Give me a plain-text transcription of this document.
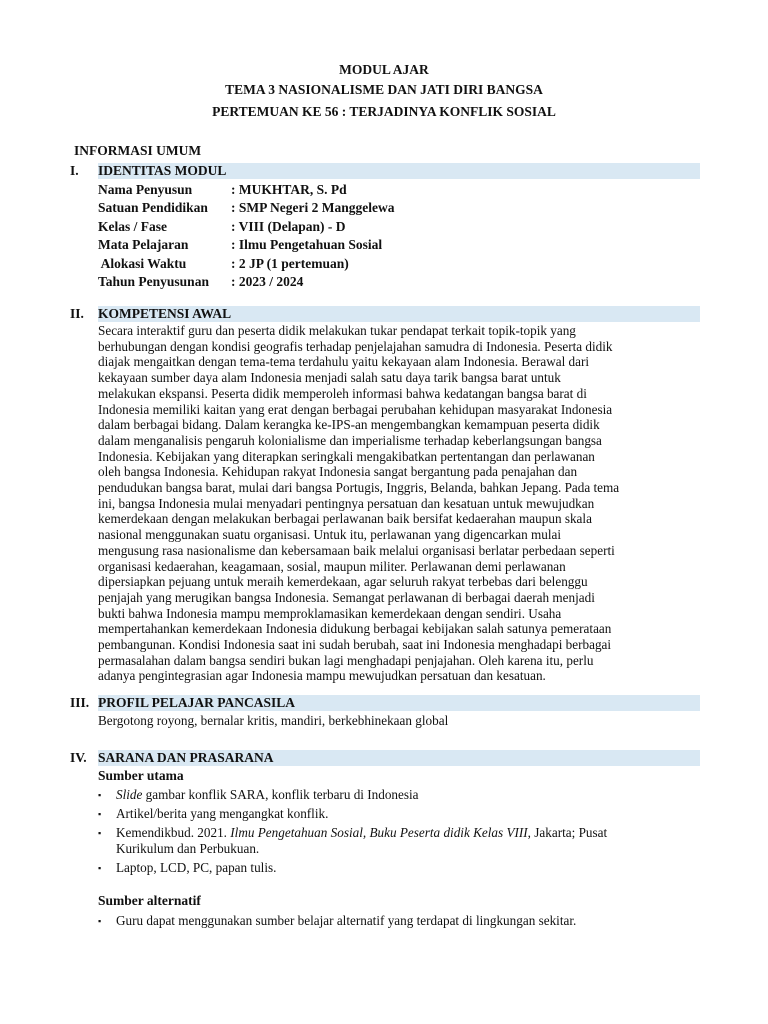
MODUL AJAR
TEMA 3 NASIONALISME DAN JATI DIRI BANGSA
PERTEMUAN KE 56 : TERJADINYA KONFLIK SOSIAL
INFORMASI UMUM
I. IDENTITAS MODUL
Nama Penyusun	: MUKHTAR, S. Pd
Satuan Pendidikan : SMP Negeri 2 Manggelewa
Kelas / Fase	: VIII (Delapan) - D
Mata Pelajaran	: Ilmu Pengetahuan Sosial
Alokasi Waktu	: 2 JP (1 pertemuan)
Tahun Penyusunan : 2023 / 2024
II. KOMPETENSI AWAL
Secara interaktif guru dan peserta didik melakukan tukar pendapat terkait topik-topik yang
berhubungan dengan kondisi geografis terhadap penjelajahan samudra di Indonesia. Peserta didik
diajak mengaitkan dengan tema-tema terdahulu yaitu kekayaan alam Indonesia. Berawal dari
kekayaan sumber daya alam Indonesia menjadi salah satu daya tarik bangsa barat untuk
melakukan ekspansi. Peserta didik memperoleh informasi bahwa kedatangan bangsa barat di
Indonesia memiliki kaitan yang erat dengan berbagai perubahan kehidupan masyarakat Indonesia
dalam berbagai bidang. Dalam kerangka ke-IPS-an mengembangkan kemampuan peserta didik
dalam menganalisis pengaruh kolonialisme dan imperialisme terhadap keberlangsungan bangsa
Indonesia. Kebijakan yang diterapkan seringkali mengakibatkan pertentangan dan perlawanan
oleh bangsa Indonesia. Kehidupan rakyat Indonesia sangat bergantung pada penajahan dan
pendudukan bangsa barat, mulai dari bangsa Portugis, Inggris, Belanda, bahkan Jepang. Pada tema
ini, bangsa Indonesia mulai menyadari pentingnya persatuan dan kesatuan untuk mewujudkan
kemerdekaan dengan melakukan berbagai perlawanan baik bersifat kedaerahan maupun skala
nasional menggunakan suatu organisasi. Untuk itu, perlawanan yang digencarkan mulai
mengusung rasa nasionalisme dan kebersamaan baik melalui organisasi berlatar perbedaan seperti
organisasi kedaerahan, keagamaan, sosial, maupun militer. Perlawanan demi perlawanan
dipersiapkan pejuang untuk meraih kemerdekaan, agar seluruh rakyat terbebas dari belenggu
penjajah yang merugikan bangsa Indonesia. Semangat perlawanan di berbagai daerah menjadi
bukti bahwa Indonesia mampu memproklamasikan kemerdekaan dengan sendiri. Usaha
mempertahankan kemerdekaan Indonesia didukung berbagai kebijakan salah satunya pemerataan
pembangunan. Kondisi Indonesia saat ini sudah berubah, saat ini Indonesia menghadapi berbagai
permasalahan dalam bangsa sendiri bukan lagi menghadapi penjajahan. Oleh karena itu, perlu
adanya pengintegrasian agar Indonesia mampu mewujudkan persatuan dan kesatuan.
III. PROFIL PELAJAR PANCASILA
Bergotong royong, bernalar kritis, mandiri, berkebhinekaan global
IV. SARANA DAN PRASARANA
Sumber utama
▪ Slide gambar konflik SARA, konflik terbaru di Indonesia
▪ Artikel/berita yang mengangkat konflik.
▪ Kemendikbud. 2021. Ilmu Pengetahuan Sosial, Buku Peserta didik Kelas VIII, Jakarta; Pusat
Kurikulum dan Perbukuan.
▪ Laptop, LCD, PC, papan tulis.
Sumber alternatif
▪ Guru dapat menggunakan sumber belajar alternatif yang terdapat di lingkungan sekitar.
